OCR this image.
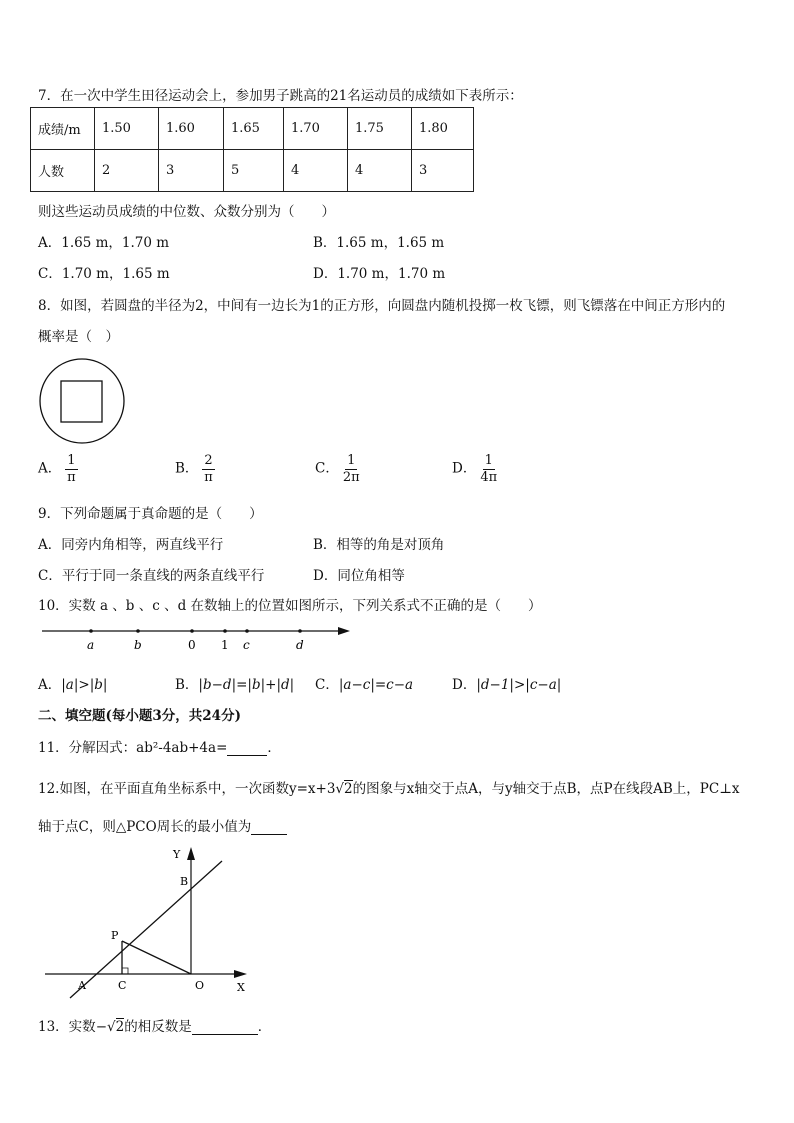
7．在一次中学生田径运动会上，参加男子跳高的21名运动员的成绩如下表所示：
成绩/m	1.50	1.60	1.65	1.70	1.75	1.80
人数	2	3	5	4	4	3
则这些运动员成绩的中位数、众数分别为（　　）
A．1.65 m，1.70 m	B．1.65 m，1.65 m
C．1.70 m，1.65 m	D．1.70 m，1.70 m
8．如图，若圆盘的半径为2，中间有一边长为1的正方形，向圆盘内随机投掷一枚飞镖，则飞镖落在中间正方形内的
概率是（　）
A． $\frac{1}{\pi}$	B． $\frac{2}{\pi}$	C． $\frac{1}{2\pi}$	D． $\frac{1}{4\pi}$
9．下列命题属于真命题的是（　　）
A．同旁内角相等，两直线平行	B．相等的角是对顶角
C．平行于同一条直线的两条直线平行	D．同位角相等
10．实数 a 、b 、c 、d 在数轴上的位置如图所示，下列关系式不正确的是（　　）
a	b	0 1 c	d
A．|a|>|b|	B．|b−d|=|b|+|d| C．|a−c|=c−a	D．|d−1|>|c−a|
二、填空题(每小题3分，共24分)
11．分解因式：ab²-4ab+4a=	．
12.如图，在平面直角坐标系中，一次函数y=x+3√2的图象与x轴交于点A，与y轴交于点B，点P在线段AB上，PC⊥x
轴于点C，则△PCO周长的最小值为
Y
X
B
P
A	C	O
13．实数−√2的相反数是	．
